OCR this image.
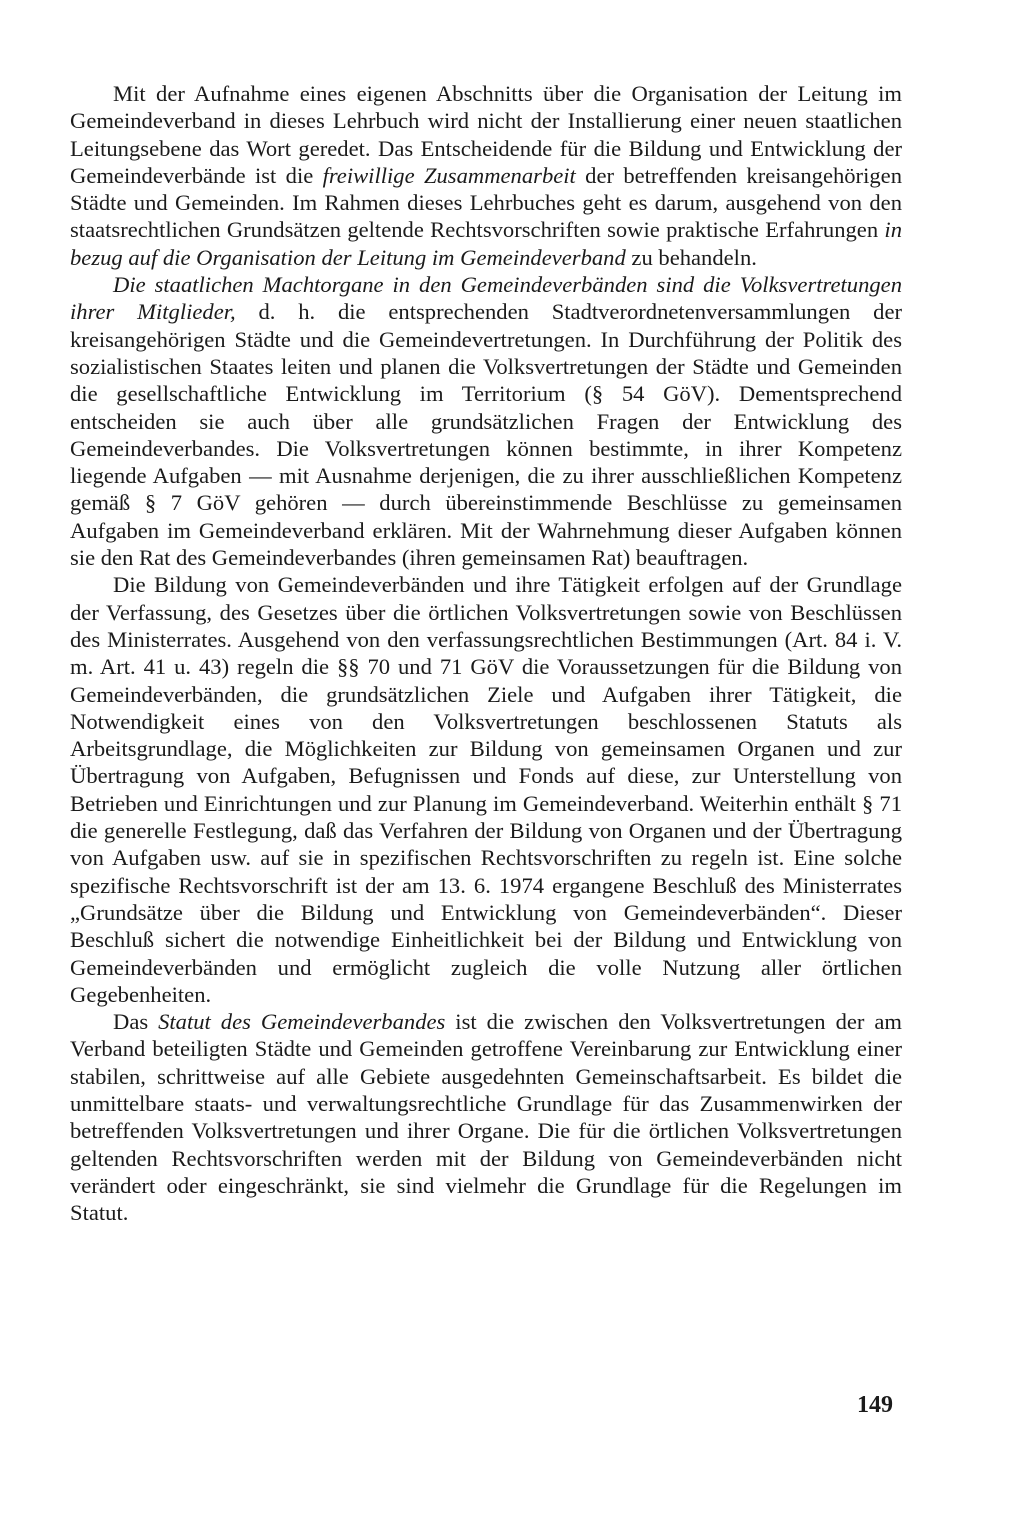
Mit der Aufnahme eines eigenen Abschnitts über die Organisation der Leitung im Gemeindeverband in dieses Lehrbuch wird nicht der Installierung einer neuen staatlichen Leitungsebene das Wort geredet. Das Entscheidende für die Bildung und Entwicklung der Gemeindeverbände ist die freiwillige Zusammenarbeit der betreffenden kreisangehörigen Städte und Gemeinden. Im Rahmen dieses Lehrbuches geht es darum, ausgehend von den staatsrechtlichen Grundsätzen geltende Rechtsvorschriften sowie praktische Erfahrungen in bezug auf die Organisation der Leitung im Gemeindeverband zu behandeln.

Die staatlichen Machtorgane in den Gemeindeverbänden sind die Volksvertretungen ihrer Mitglieder, d. h. die entsprechenden Stadtverordnetenversammlungen der kreisangehörigen Städte und die Gemeindevertretungen. In Durchführung der Politik des sozialistischen Staates leiten und planen die Volksvertretungen der Städte und Gemeinden die gesellschaftliche Entwicklung im Territorium (§ 54 GöV). Dementsprechend entscheiden sie auch über alle grundsätzlichen Fragen der Entwicklung des Gemeindeverbandes. Die Volksvertretungen können bestimmte, in ihrer Kompetenz liegende Aufgaben — mit Ausnahme derjenigen, die zu ihrer ausschließlichen Kompetenz gemäß § 7 GöV gehören — durch übereinstimmende Beschlüsse zu gemeinsamen Aufgaben im Gemeindeverband erklären. Mit der Wahrnehmung dieser Aufgaben können sie den Rat des Gemeindeverbandes (ihren gemeinsamen Rat) beauftragen.

Die Bildung von Gemeindeverbänden und ihre Tätigkeit erfolgen auf der Grundlage der Verfassung, des Gesetzes über die örtlichen Volksvertretungen sowie von Beschlüssen des Ministerrates. Ausgehend von den verfassungsrechtlichen Bestimmungen (Art. 84 i. V. m. Art. 41 u. 43) regeln die §§ 70 und 71 GöV die Voraussetzungen für die Bildung von Gemeindeverbänden, die grundsätzlichen Ziele und Aufgaben ihrer Tätigkeit, die Notwendigkeit eines von den Volksvertretungen beschlossenen Statuts als Arbeitsgrundlage, die Möglichkeiten zur Bildung von gemeinsamen Organen und zur Übertragung von Aufgaben, Befugnissen und Fonds auf diese, zur Unterstellung von Betrieben und Einrichtungen und zur Planung im Gemeindeverband. Weiterhin enthält § 71 die generelle Festlegung, daß das Verfahren der Bildung von Organen und der Übertragung von Aufgaben usw. auf sie in spezifischen Rechtsvorschriften zu regeln ist. Eine solche spezifische Rechtsvorschrift ist der am 13. 6. 1974 ergangene Beschluß des Ministerrates „Grundsätze über die Bildung und Entwicklung von Gemeindeverbänden“. Dieser Beschluß sichert die notwendige Einheitlichkeit bei der Bildung und Entwicklung von Gemeindeverbänden und ermöglicht zugleich die volle Nutzung aller örtlichen Gegebenheiten.

Das Statut des Gemeindeverbandes ist die zwischen den Volksvertretungen der am Verband beteiligten Städte und Gemeinden getroffene Vereinbarung zur Entwicklung einer stabilen, schrittweise auf alle Gebiete ausgedehnten Gemeinschaftsarbeit. Es bildet die unmittelbare staats- und verwaltungsrechtliche Grundlage für das Zusammenwirken der betreffenden Volksvertretungen und ihrer Organe. Die für die örtlichen Volksvertretungen geltenden Rechtsvorschriften werden mit der Bildung von Gemeindeverbänden nicht verändert oder eingeschränkt, sie sind vielmehr die Grundlage für die Regelungen im Statut.

149
